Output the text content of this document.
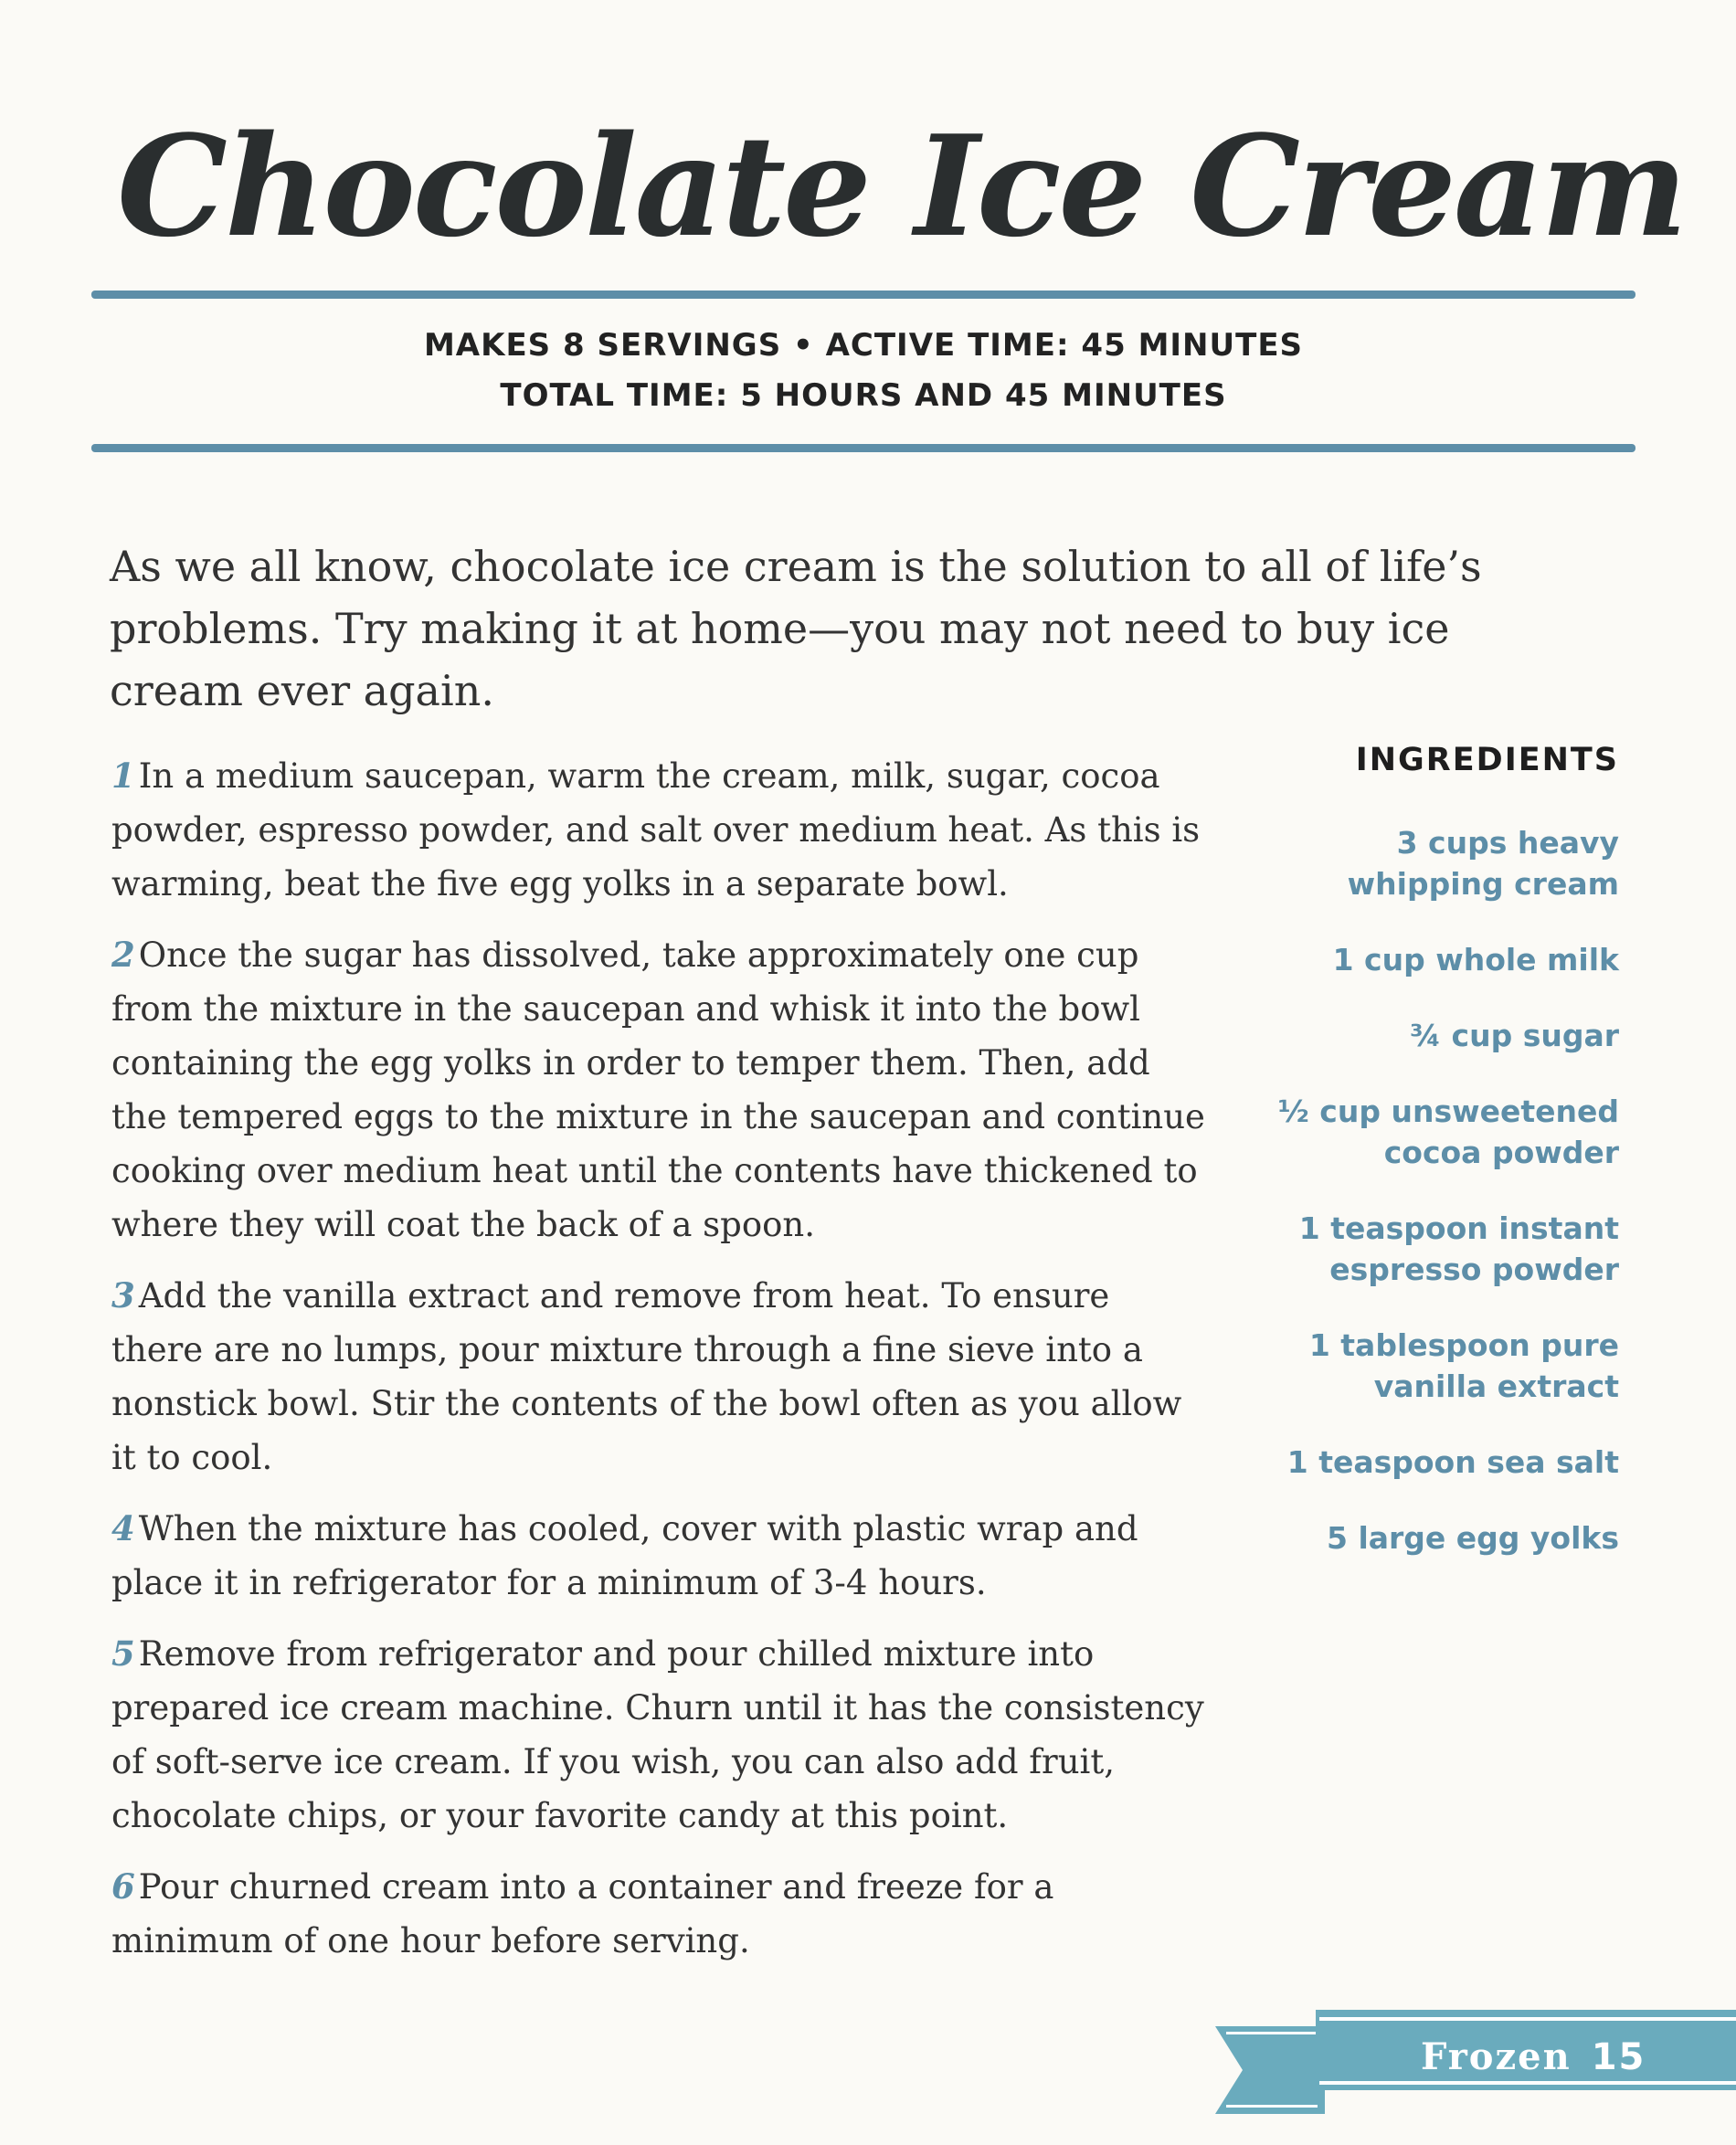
Chocolate Ice Cream
MAKES 8 SERVINGS • ACTIVE TIME: 45 MINUTES
TOTAL TIME: 5 HOURS AND 45 MINUTES

As we all know, chocolate ice cream is the solution to all of life’s problems. Try making it at home—you may not need to buy ice cream ever again.

1 In a medium saucepan, warm the cream, milk, sugar, cocoa powder, espresso powder, and salt over medium heat. As this is warming, beat the five egg yolks in a separate bowl.
2 Once the sugar has dissolved, take approximately one cup from the mixture in the saucepan and whisk it into the bowl containing the egg yolks in order to temper them. Then, add the tempered eggs to the mixture in the saucepan and continue cooking over medium heat until the contents have thickened to where they will coat the back of a spoon.
3 Add the vanilla extract and remove from heat. To ensure there are no lumps, pour mixture through a fine sieve into a nonstick bowl. Stir the contents of the bowl often as you allow it to cool.
4 When the mixture has cooled, cover with plastic wrap and place it in refrigerator for a minimum of 3-4 hours.
5 Remove from refrigerator and pour chilled mixture into prepared ice cream machine. Churn until it has the consistency of soft-serve ice cream. If you wish, you can also add fruit, chocolate chips, or your favorite candy at this point.
6 Pour churned cream into a container and freeze for a minimum of one hour before serving.
INGREDIENTS
3 cups heavy whipping cream
1 cup whole milk
¾ cup sugar
½ cup unsweetened cocoa powder
1 teaspoon instant espresso powder
1 tablespoon pure vanilla extract
1 teaspoon sea salt
5 large egg yolks
Frozen 15
